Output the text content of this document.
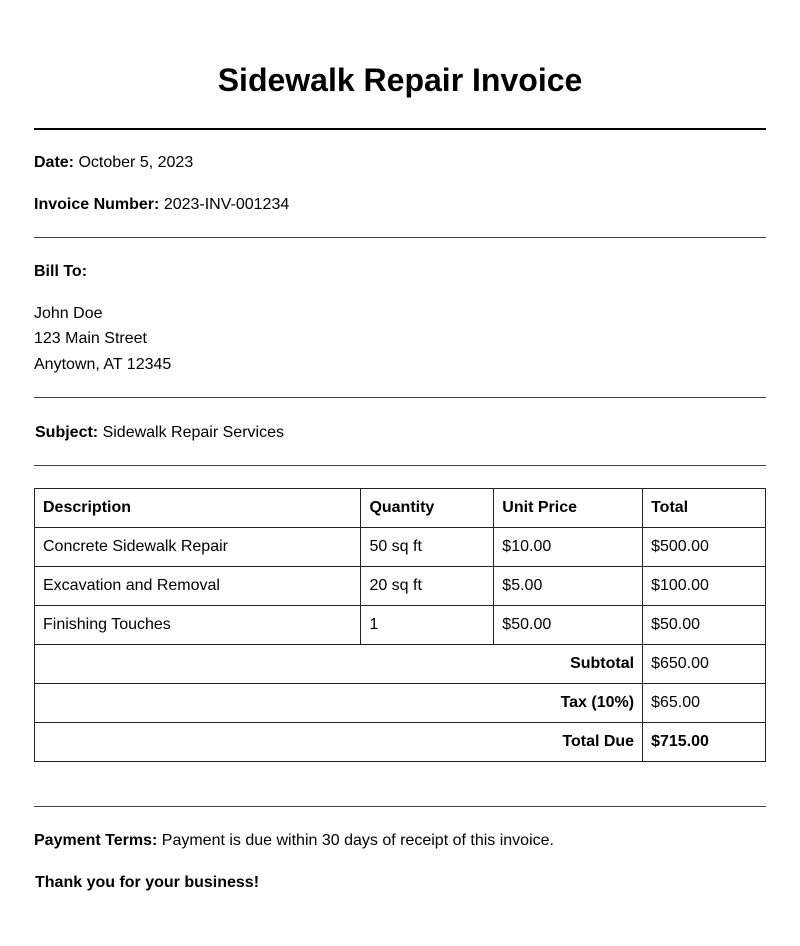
Sidewalk Repair Invoice
Date: October 5, 2023
Invoice Number: 2023-INV-001234
Bill To:
John Doe
123 Main Street
Anytown, AT 12345
Subject: Sidewalk Repair Services
Description	Quantity	Unit Price	Total
Concrete Sidewalk Repair	50 sq ft	$10.00	$500.00
Excavation and Removal	20 sq ft	$5.00	$100.00
Finishing Touches	1	$50.00	$50.00
Subtotal			$650.00
Tax (10%)			$65.00
Total Due			$715.00
Payment Terms: Payment is due within 30 days of receipt of this invoice.
Thank you for your business!
